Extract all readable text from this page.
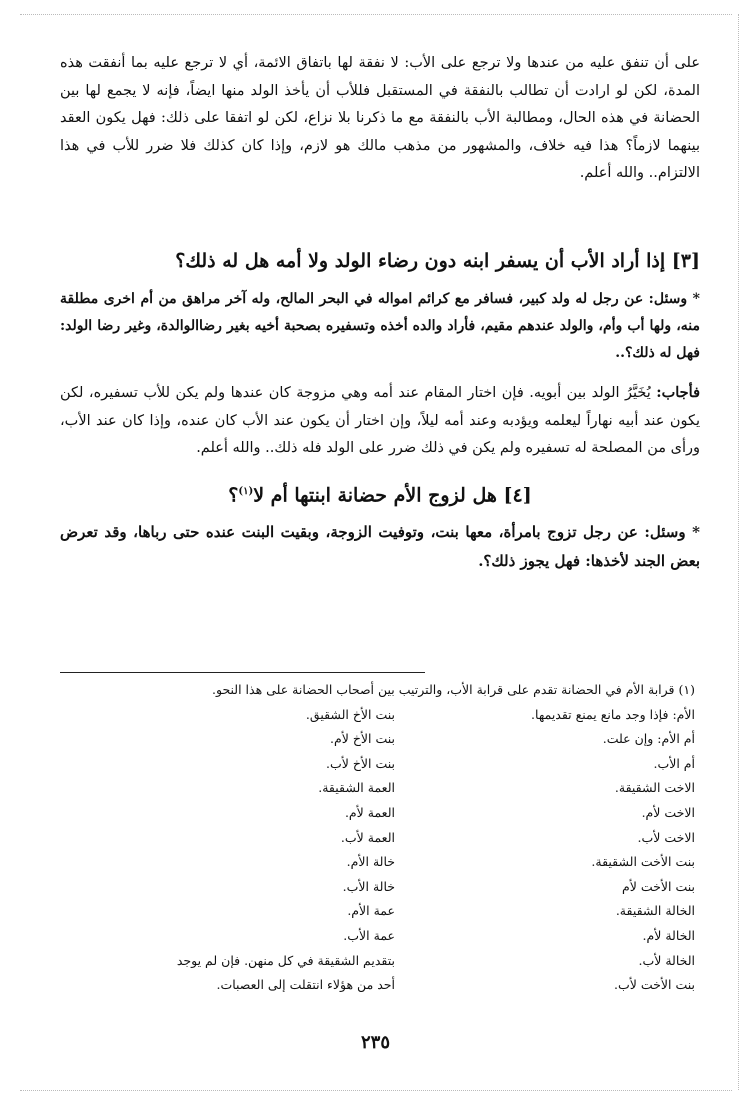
على أن تنفق عليه من عندها ولا ترجع على الأب: لا نفقة لها باتفاق الائمة، أي لا ترجع عليه بما أنفقت هذه المدة، لكن لو ارادت أن تطالب بالنفقة في المستقبل فللأب أن يأخذ الولد منها ايضاً، فإنه لا يجمع لها بين الحضانة في هذه الحال، ومطالبة الأب بالنفقة مع ما ذكرنا بلا نزاع، لكن لو اتفقا على ذلك: فهل يكون العقد بينهما لازماً؟ هذا فيه خلاف، والمشهور من مذهب مالك هو لازم، وإذا كان كذلك فلا ضرر للأب في هذا الالتزام.. والله أعلم.

[٣] إذا أراد الأب أن يسفر ابنه دون رضاء الولد ولا أمه هل له ذلك؟

* وسئل: عن رجل له ولد كبير، فسافر مع كرائم امواله في البحر المالح، وله آخر مراهق من أم اخرى مطلقة منه، ولها أب وأم، والولد عندهم مقيم، فأراد والده أخذه وتسفيره بصحبة أخيه بغير رضاالوالدة، وغير رضا الولد: فهل له ذلك؟..

فأجاب: يُخَيَّرُ الولد بين أبويه. فإن اختار المقام عند أمه وهي مزوجة كان عندها ولم يكن للأب تسفيره، لكن يكون عند أبيه نهاراً ليعلمه ويؤدبه وعند أمه ليلاً، وإن اختار أن يكون عند الأب كان عنده، وإذا كان عند الأب، ورأى من المصلحة له تسفيره ولم يكن في ذلك ضرر على الولد فله ذلك.. والله أعلم.

[٤] هل لزوج الأم حضانة ابنتها أم لا$^{(١)}$؟

* وسئل: عن رجل تزوج بامرأة، معها بنت، وتوفيت الزوجة، وبقيت البنت عنده حتى رباها، وقد تعرض بعض الجند لأخذها: فهل يجوز ذلك؟.

(١) قرابة الأم في الحضانة تقدم على قرابة الأب، والترتيب بين أصحاب الحضانة على هذا النحو.

الأم: فإذا وجد مانع يمنع تقديمها.
أم الأم: وإن علت.
أم الأب.
الاخت الشقيقة.
الاخت لأم.
الاخت لأب.
بنت الأخت الشقيقة.
بنت الأخت لأم
الخالة الشقيقة.
الخالة لأم.
الخالة لأب.
بنت الأخت لأب.
بنت الأخ الشقيق.
بنت الأخ لأم.
بنت الأخ لأب.
العمة الشقيقة.
العمة لأم.
العمة لأب.
خالة الأم.
خالة الأب.
عمة الأم.
عمة الأب.
بتقديم الشقيقة في كل منهن. فإن لم يوجد
أحد من هؤلاء انتقلت إلى العصبات.
٢٣٥
